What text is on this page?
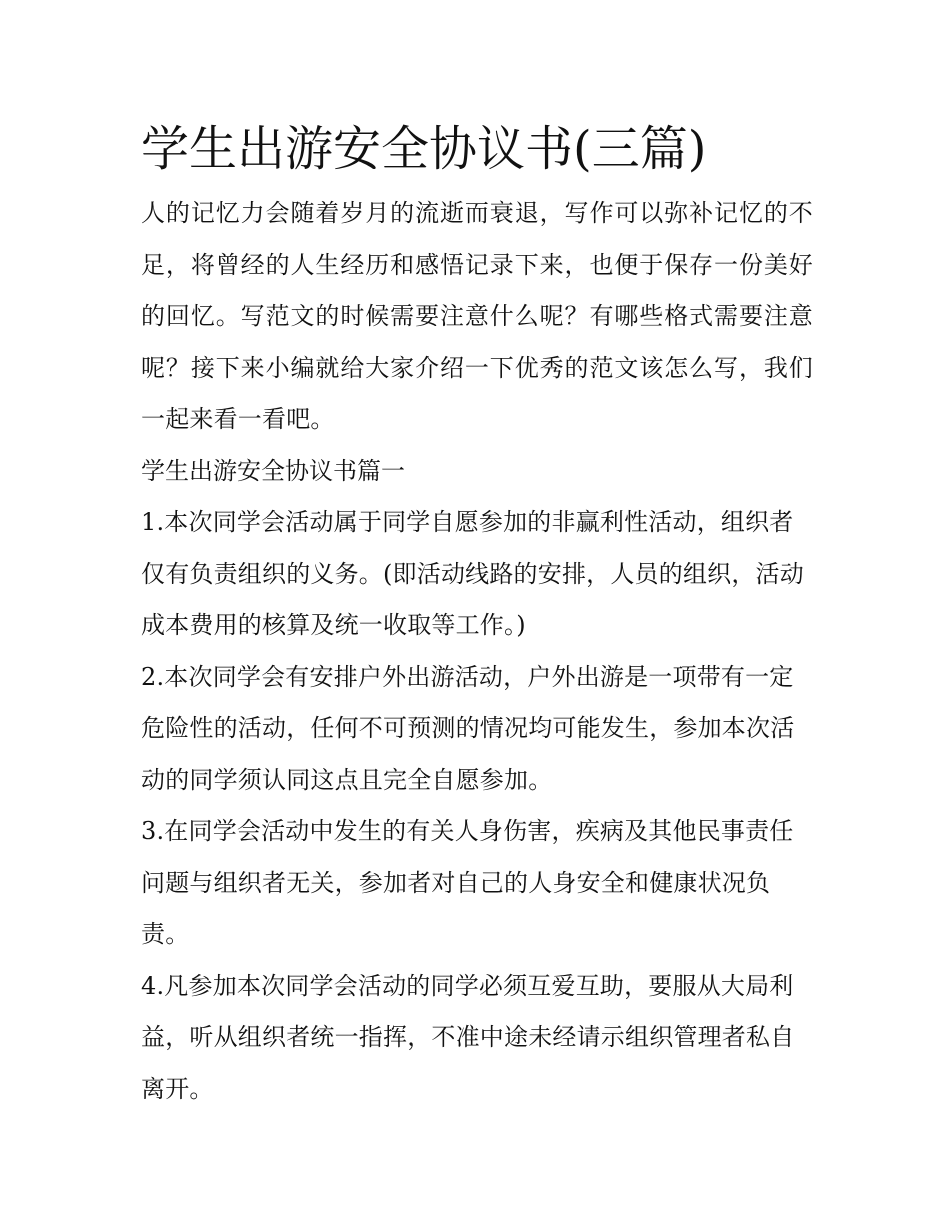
学生出游安全协议书(三篇)

人的记忆力会随着岁月的流逝而衰退，写作可以弥补记忆的不足，将曾经的人生经历和感悟记录下来，也便于保存一份美好的回忆。写范文的时候需要注意什么呢？有哪些格式需要注意呢？接下来小编就给大家介绍一下优秀的范文该怎么写，我们一起来看一看吧。

学生出游安全协议书篇一

1.本次同学会活动属于同学自愿参加的非赢利性活动，组织者仅有负责组织的义务。(即活动线路的安排，人员的组织，活动成本费用的核算及统一收取等工作。)

2.本次同学会有安排户外出游活动，户外出游是一项带有一定危险性的活动，任何不可预测的情况均可能发生，参加本次活动的同学须认同这点且完全自愿参加。

3.在同学会活动中发生的有关人身伤害，疾病及其他民事责任问题与组织者无关，参加者对自己的人身安全和健康状况负责。

4.凡参加本次同学会活动的同学必须互爱互助，要服从大局利益，听从组织者统一指挥，不准中途未经请示组织管理者私自离开。
